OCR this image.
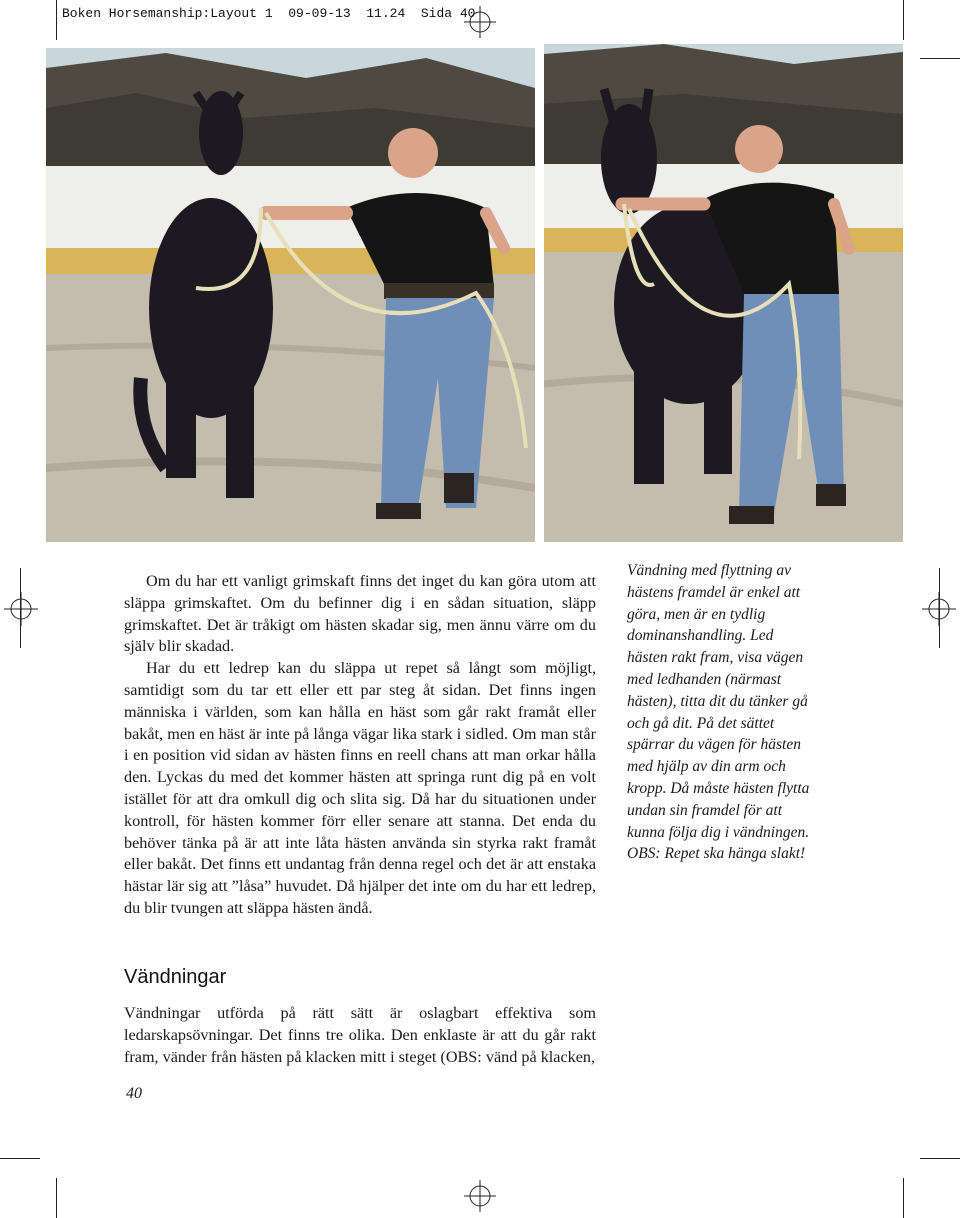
Boken Horsemanship:Layout 1  09-09-13  11.24  Sida 40

Om du har ett vanligt grimskaft finns det inget du kan göra utom att släppa grimskaftet. Om du befinner dig i en sådan situation, släpp grimskaftet. Det är tråkigt om hästen skadar sig, men ännu värre om du själv blir skadad.

Har du ett ledrep kan du släppa ut repet så långt som möjligt, samtidigt som du tar ett eller ett par steg åt sidan. Det finns ingen människa i världen, som kan hålla en häst som går rakt framåt eller bakåt, men en häst är inte på långa vägar lika stark i sidled. Om man står i en position vid sidan av hästen finns en reell chans att man orkar hålla den. Lyckas du med det kommer hästen att springa runt dig på en volt istället för att dra omkull dig och slita sig. Då har du situationen under kontroll, för hästen kommer förr eller senare att stanna. Det enda du behöver tänka på är att inte låta hästen använda sin styrka rakt framåt eller bakåt. Det finns ett undantag från denna regel och det är att enstaka hästar lär sig att ”låsa” huvudet. Då hjälper det inte om du har ett ledrep, du blir tvungen att släppa hästen ändå.

Vändning med flyttning av hästens framdel är enkel att göra, men är en tydlig dominanshandling. Led hästen rakt fram, visa vägen med ledhanden (närmast hästen), titta dit du tänker gå och gå dit. På det sättet spärrar du vägen för hästen med hjälp av din arm och kropp. Då måste hästen flytta undan sin framdel för att kunna följa dig i vändningen. OBS: Repet ska hänga slakt!
Vändningar
Vändningar utförda på rätt sätt är oslagbart effektiva som ledarskapsövningar. Det finns tre olika. Den enklaste är att du går rakt fram, vänder från hästen på klacken mitt i steget (OBS: vänd på klacken,
40
